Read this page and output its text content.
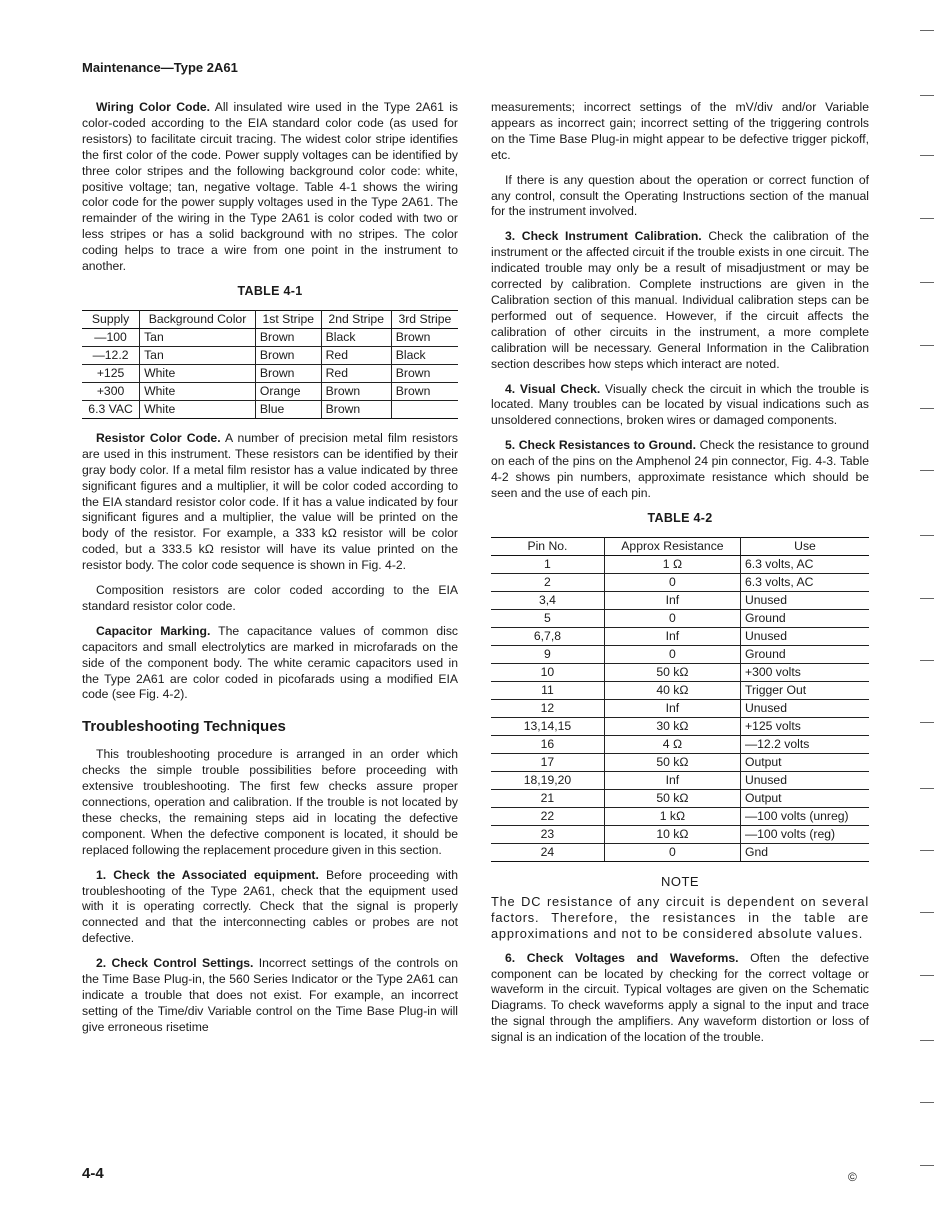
Maintenance—Type 2A61

Wiring Color Code. All insulated wire used in the Type 2A61 is color-coded according to the EIA standard color code (as used for resistors) to facilitate circuit tracing. The widest color stripe identifies the first color of the code. Power supply voltages can be identified by three color stripes and the following background color code: white, positive voltage; tan, negative voltage. Table 4-1 shows the wiring color code for the power supply voltages used in the Type 2A61. The remainder of the wiring in the Type 2A61 is color coded with two or less stripes or has a solid background with no stripes. The color coding helps to trace a wire from one point in the instrument to another.

TABLE 4-1
Supply	Background Color	1st Stripe	2nd Stripe	3rd Stripe
—100	Tan	Brown	Black	Brown
—12.2	Tan	Brown	Red	Black
+125	White	Brown	Red	Brown
+300	White	Orange	Brown	Brown
6.3 VAC	White	Blue	Brown	

Resistor Color Code. A number of precision metal film resistors are used in this instrument. These resistors can be identified by their gray body color. If a metal film resistor has a value indicated by three significant figures and a multiplier, it will be color coded according to the EIA standard resistor color code. If it has a value indicated by four significant figures and a multiplier, the value will be printed on the body of the resistor. For example, a 333 kΩ resistor will be color coded, but a 333.5 kΩ resistor will have its value printed on the resistor body. The color code sequence is shown in Fig. 4-2.

Composition resistors are color coded according to the EIA standard resistor color code.

Capacitor Marking. The capacitance values of common disc capacitors and small electrolytics are marked in microfarads on the side of the component body. The white ceramic capacitors used in the Type 2A61 are color coded in picofarads using a modified EIA code (see Fig. 4-2).

Troubleshooting Techniques

This troubleshooting procedure is arranged in an order which checks the simple trouble possibilities before proceeding with extensive troubleshooting. The first few checks assure proper connections, operation and calibration. If the trouble is not located by these checks, the remaining steps aid in locating the defective component. When the defective component is located, it should be replaced following the replacement procedure given in this section.

1. Check the Associated equipment. Before proceeding with troubleshooting of the Type 2A61, check that the equipment used with it is operating correctly. Check that the signal is properly connected and that the interconnecting cables or probes are not defective.

2. Check Control Settings. Incorrect settings of the controls on the Time Base Plug-in, the 560 Series Indicator or the Type 2A61 can indicate a trouble that does not exist. For example, an incorrect setting of the Time/div Variable control on the Time Base Plug-in will give erroneous risetime

measurements; incorrect settings of the mV/div and/or Variable appears as incorrect gain; incorrect setting of the triggering controls on the Time Base Plug-in might appear to be defective trigger pickoff, etc.

If there is any question about the operation or correct function of any control, consult the Operating Instructions section of the manual for the instrument involved.

3. Check Instrument Calibration. Check the calibration of the instrument or the affected circuit if the trouble exists in one circuit. The indicated trouble may only be a result of misadjustment or may be corrected by calibration. Complete instructions are given in the Calibration section of this manual. Individual calibration steps can be performed out of sequence. However, if the circuit affects the calibration of other circuits in the instrument, a more complete calibration will be necessary. General Information in the Calibration section describes how steps which interact are noted.

4. Visual Check. Visually check the circuit in which the trouble is located. Many troubles can be located by visual indications such as unsoldered connections, broken wires or damaged components.

5. Check Resistances to Ground. Check the resistance to ground on each of the pins on the Amphenol 24 pin connector, Fig. 4-3. Table 4-2 shows pin numbers, approximate resistance which should be seen and the use of each pin.

TABLE 4-2
Pin No.	Approx Resistance	Use
1	1 Ω	6.3 volts, AC
2	0	6.3 volts, AC
3,4	Inf	Unused
5	0	Ground
6,7,8	Inf	Unused
9	0	Ground
10	50 kΩ	+300 volts
11	40 kΩ	Trigger Out
12	Inf	Unused
13,14,15	30 kΩ	+125 volts
16	4 Ω	—12.2 volts
17	50 kΩ	Output
18,19,20	Inf	Unused
21	50 kΩ	Output
22	1 kΩ	—100 volts (unreg)
23	10 kΩ	—100 volts (reg)
24	0	Gnd
NOTE

The DC resistance of any circuit is dependent on several factors. Therefore, the resistances in the table are approximations and not to be considered absolute values.

6. Check Voltages and Waveforms. Often the defective component can be located by checking for the correct voltage or waveform in the circuit. Typical voltages are given on the Schematic Diagrams. To check waveforms apply a signal to the input and trace the signal through the amplifiers. Any waveform distortion or loss of signal is an indication of the location of the trouble.

4-4	©
